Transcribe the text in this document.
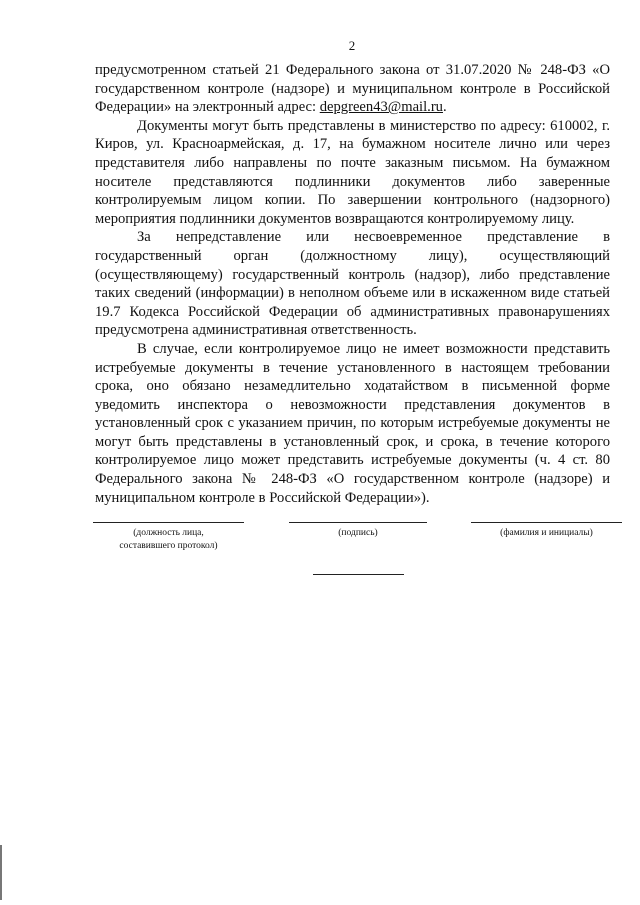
2

предусмотренном статьей 21 Федерального закона от 31.07.2020 № 248-ФЗ «О государственном контроле (надзоре) и муниципальном контроле в Российской Федерации» на электронный адрес: depgreen43@mail.ru.

Документы могут быть представлены в министерство по адресу: 610002, г. Киров, ул. Красноармейская, д. 17, на бумажном носителе лично или через представителя либо направлены по почте заказным письмом. На бумажном носителе представляются подлинники документов либо заверенные контролируемым лицом копии. По завершении контрольного (надзорного) мероприятия подлинники документов возвращаются контролируемому лицу.

За непредставление или несвоевременное представление в государственный орган (должностному лицу), осуществляющий (осуществляющему) государственный контроль (надзор), либо представление таких сведений (информации) в неполном объеме или в искаженном виде статьей 19.7 Кодекса Российской Федерации об административных правонарушениях предусмотрена административная ответственность.

В случае, если контролируемое лицо не имеет возможности представить истребуемые документы в течение установленного в настоящем требовании срока, оно обязано незамедлительно ходатайством в письменной форме уведомить инспектора о невозможности представления документов в установленный срок с указанием причин, по которым истребуемые документы не могут быть представлены в установленный срок, и срока, в течение которого контролируемое лицо может представить истребуемые документы (ч. 4 ст. 80 Федерального закона № 248-ФЗ «О государственном контроле (надзоре) и муниципальном контроле в Российской Федерации»).

(должность лица,
составившего протокол)
(подпись)	(фамилия и инициалы)
